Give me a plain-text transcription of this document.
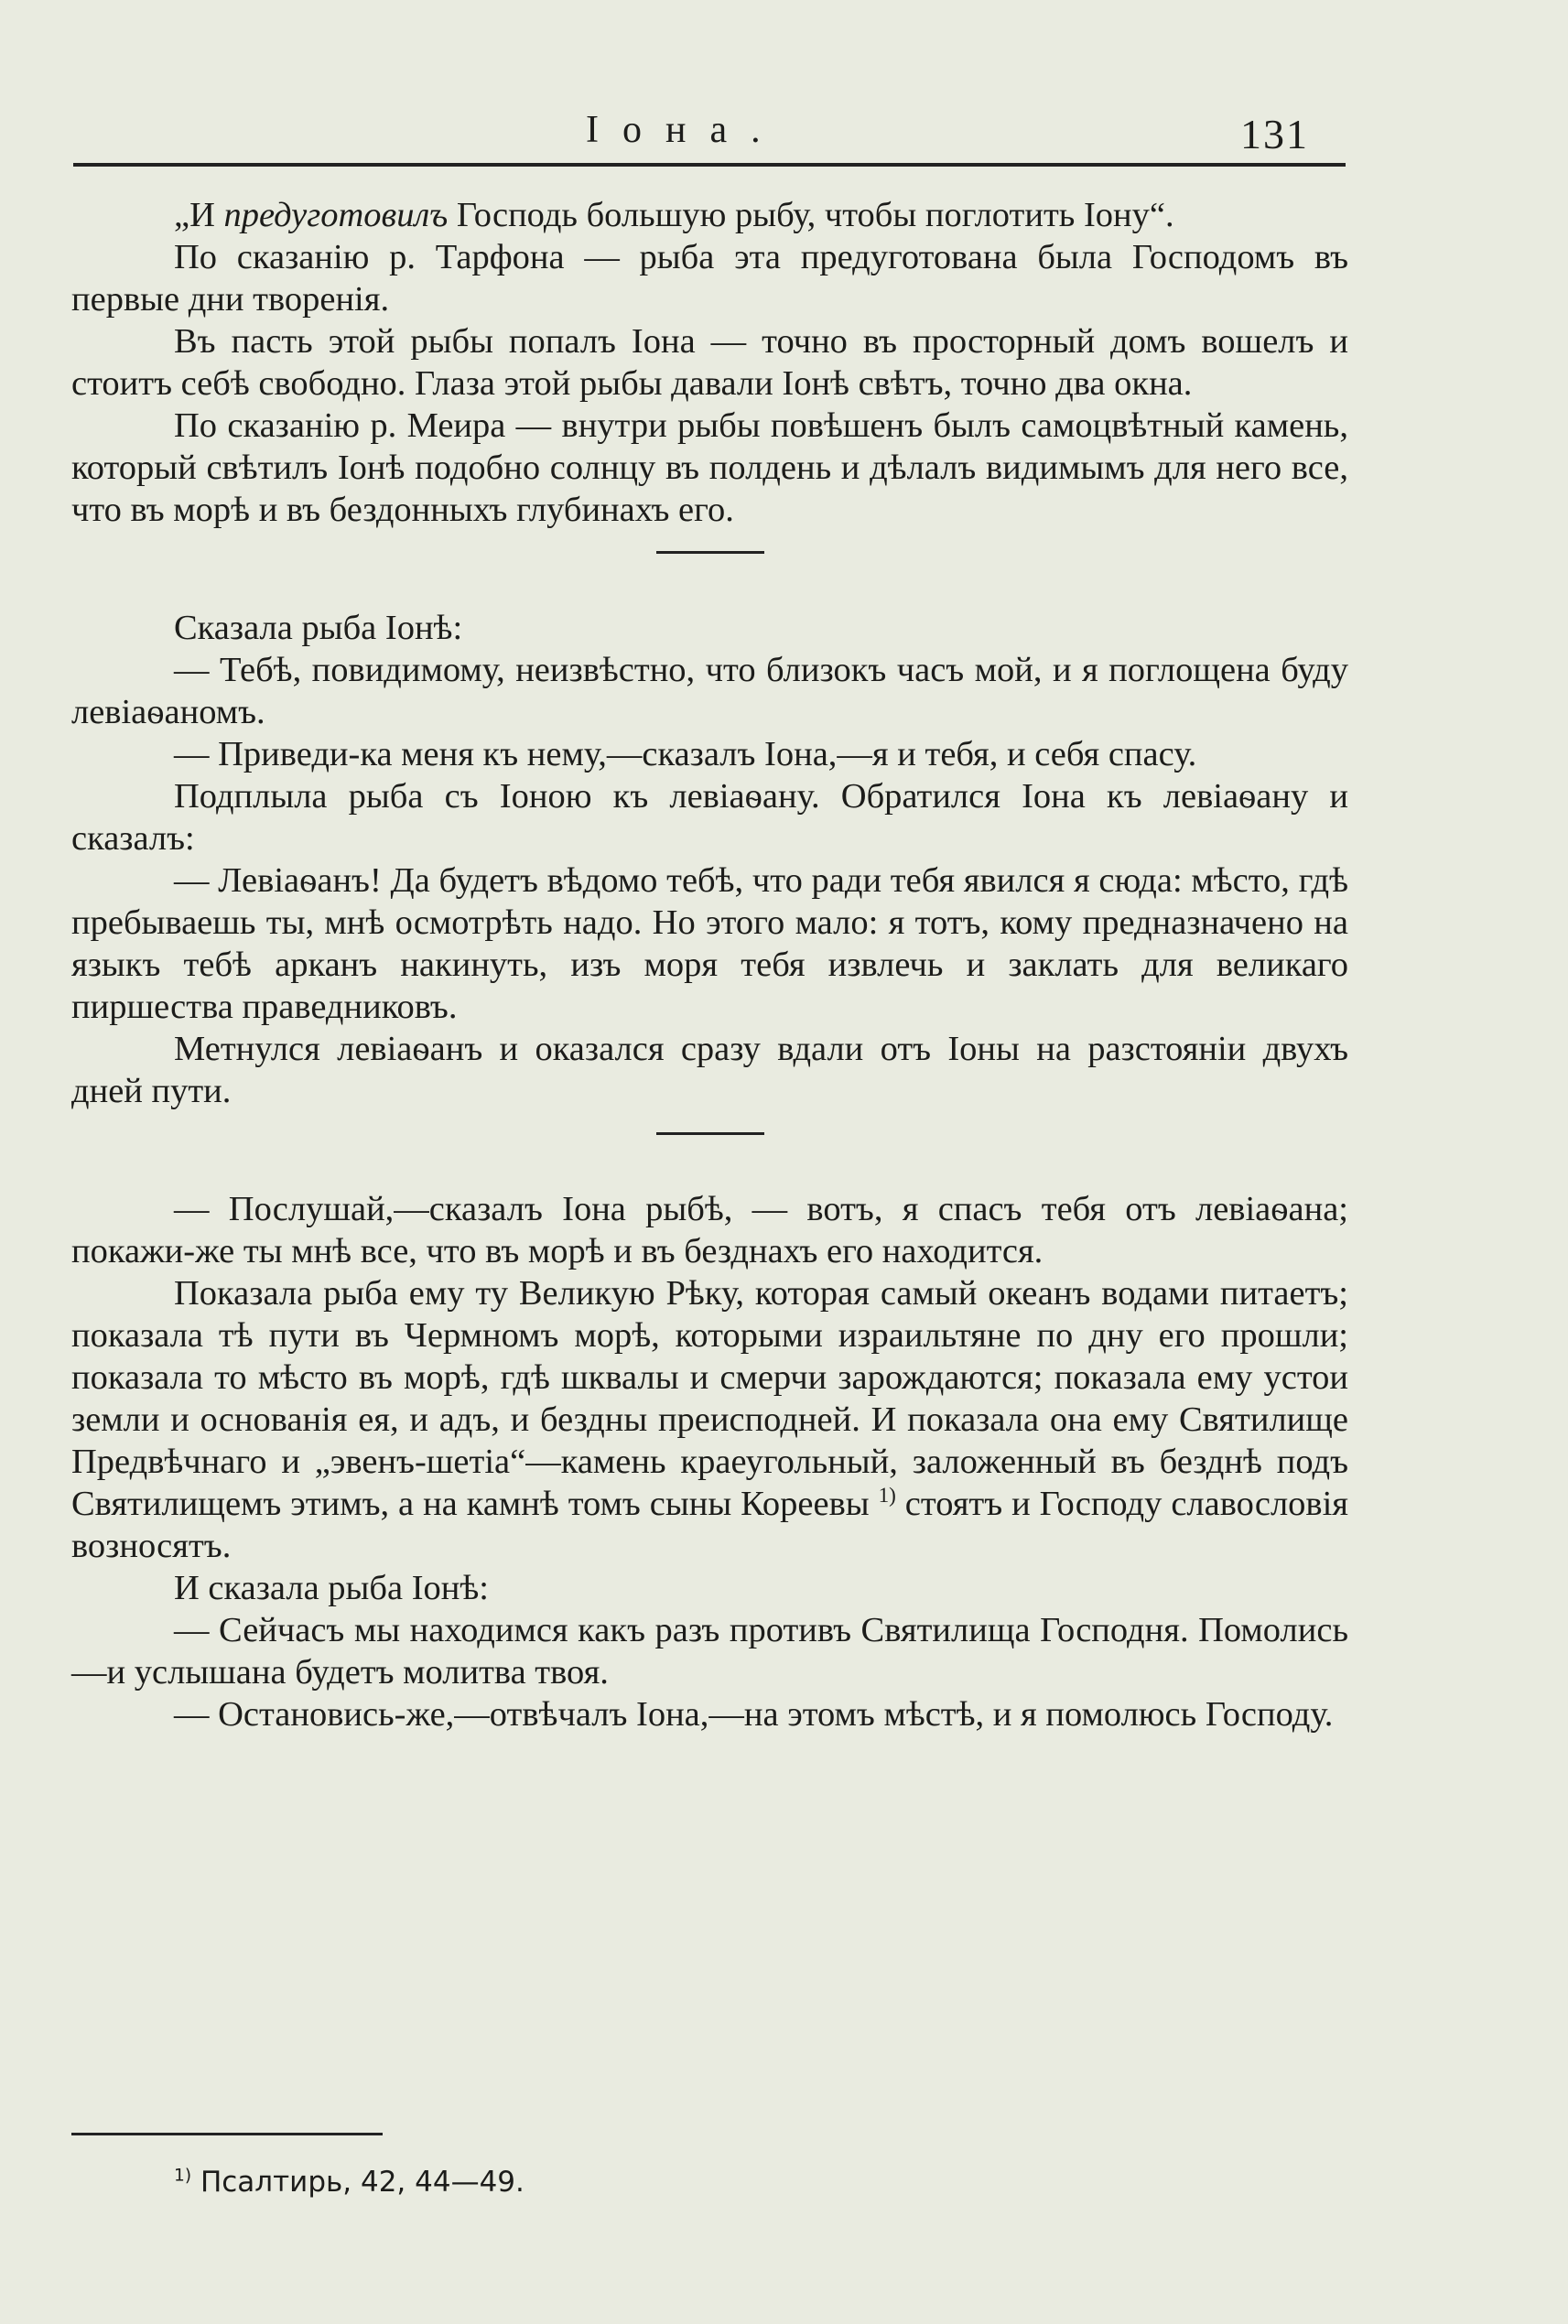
Іона.	131

„И предуготовилъ Господь большую рыбу, чтобы поглотить Іону“.

По сказанію р. Тарфона — рыба эта предуготована была Господомъ въ первые дни творенія.

Въ пасть этой рыбы попалъ Іона — точно въ просторный домъ вошелъ и стоитъ себѣ свободно. Глаза этой рыбы давали Іонѣ свѣтъ, точно два окна.

По сказанію р. Меира — внутри рыбы повѣшенъ былъ самоцвѣтный камень, который свѣтилъ Іонѣ подобно солнцу въ полдень и дѣлалъ видимымъ для него все, что въ морѣ и въ бездонныхъ глубинахъ его.

Сказала рыба Іонѣ:

— Тебѣ, повидимому, неизвѣстно, что близокъ часъ мой, и я поглощена буду левіаѳаномъ.

— Приведи-ка меня къ нему,—сказалъ Іона,—я и тебя, и себя спасу.

Подплыла рыба съ Іоною къ левіаѳану. Обратился Іона къ левіаѳану и сказалъ:

— Левіаѳанъ! Да будетъ вѣдомо тебѣ, что ради тебя явился я сюда: мѣсто, гдѣ пребываешь ты, мнѣ осмотрѣть надо. Но этого мало: я тотъ, кому предназначено на языкъ тебѣ арканъ накинуть, изъ моря тебя извлечь и заклать для великаго пиршества праведниковъ.

Метнулся левіаѳанъ и оказался сразу вдали отъ Іоны на разстояніи двухъ дней пути.

— Послушай,—сказалъ Іона рыбѣ, — вотъ, я спасъ тебя отъ левіаѳана; покажи-же ты мнѣ все, что въ морѣ и въ безднахъ его находится.

Показала рыба ему ту Великую Рѣку, которая самый океанъ водами питаетъ; показала тѣ пути въ Чермномъ морѣ, которыми израильтяне по дну его прошли; показала то мѣсто въ морѣ, гдѣ шквалы и смерчи зарождаются; показала ему устои земли и основанія ея, и адъ, и бездны преисподней. И показала она ему Святилище Предвѣчнаго и „эвенъ-шетіа“—камень краеугольный, заложенный въ безднѣ подъ Святилищемъ этимъ, а на камнѣ томъ сыны Кореевы $^{1)}$ стоятъ и Господу славословія возносятъ.

И сказала рыба Іонѣ:

— Сейчасъ мы находимся какъ разъ противъ Святилища Господня. Помолись—и услышана будетъ молитва твоя.

— Остановись-же,—отвѣчалъ Іона,—на этомъ мѣстѣ, и я помолюсь Господу.

$^{1)}$ Псалтирь, 42, 44—49.
